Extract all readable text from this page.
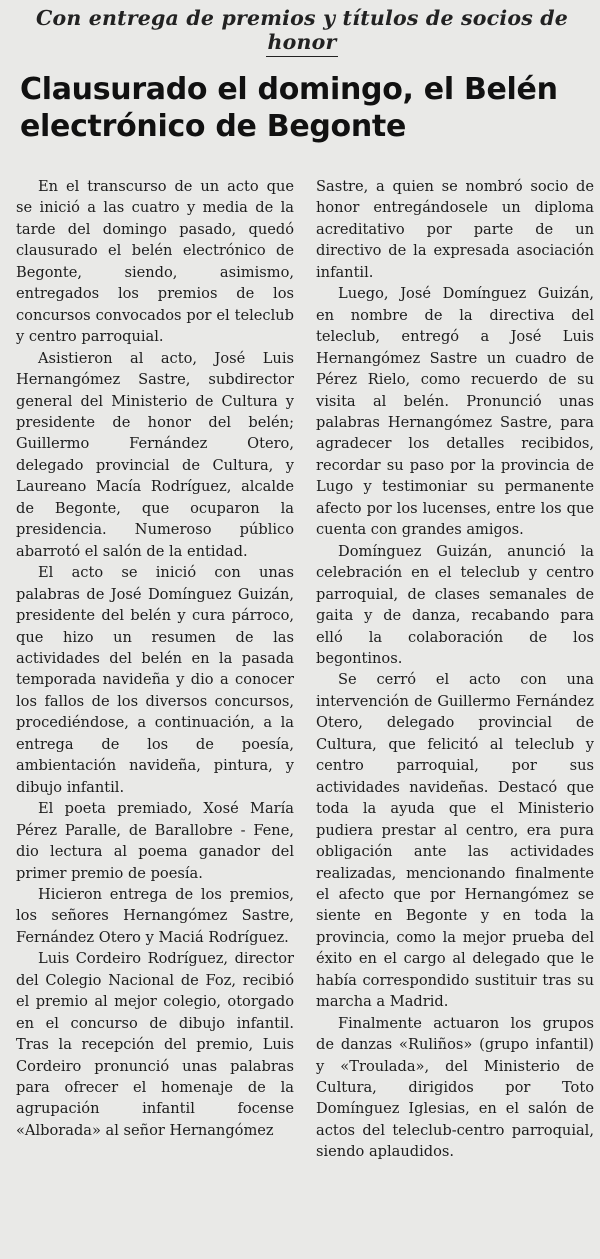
Con entrega de premios y títulos de socios de
honor
Clausurado el domingo, el Belén
electrónico de Begonte

En el transcurso de un acto que se inició a las cuatro y media de la tarde del domingo pasado, quedó clausurado el belén electrónico de Begonte, siendo, asimismo, entregados los premios de los concursos convocados por el teleclub y centro parroquial.

Asistieron al acto, José Luis Hernangómez Sastre, subdirector general del Ministerio de Cultura y presidente de honor del belén; Guillermo Fernández Otero, delegado provincial de Cultura, y Laureano Macía Rodríguez, alcalde de Begonte, que ocuparon la presidencia. Numeroso público abarrotó el salón de la entidad.

El acto se inició con unas palabras de José Domínguez Guizán, presidente del belén y cura párroco, que hizo un resumen de las actividades del belén en la pasada temporada navideña y dio a conocer los fallos de los diversos concursos, procediéndose, a continuación, a la entrega de los de poesía, ambientación navideña, pintura, y dibujo infantil.

El poeta premiado, Xosé María Pérez Paralle, de Barallobre - Fene, dio lectura al poema ganador del primer premio de poesía.

Hicieron entrega de los premios, los señores Hernangómez Sastre, Fernández Otero y Maciá Rodríguez.

Luis Cordeiro Rodríguez, director del Colegio Nacional de Foz, recibió el premio al mejor colegio, otorgado en el concurso de dibujo infantil. Tras la recepción del premio, Luis Cordeiro pronunció unas palabras para ofrecer el homenaje de la agrupación infantil focense «Alborada» al señor Hernangómez

Sastre, a quien se nombró socio de honor entregándosele un diploma acreditativo por parte de un directivo de la expresada asociación infantil.

Luego, José Domínguez Guizán, en nombre de la directiva del teleclub, entregó a José Luis Hernangómez Sastre un cuadro de Pérez Rielo, como recuerdo de su visita al belén. Pronunció unas palabras Hernangómez Sastre, para agradecer los detalles recibidos, recordar su paso por la provincia de Lugo y testimoniar su permanente afecto por los lucenses, entre los que cuenta con grandes amigos.

Domínguez Guizán, anunció la celebración en el teleclub y centro parroquial, de clases semanales de gaita y de danza, recabando para elló la colaboración de los begontinos.

Se cerró el acto con una intervención de Guillermo Fernández Otero, delegado provincial de Cultura, que felicitó al teleclub y centro parroquial, por sus actividades navideñas. Destacó que toda la ayuda que el Ministerio pudiera prestar al centro, era pura obligación ante las actividades realizadas, mencionando finalmente el afecto que por Hernangómez se siente en Begonte y en toda la provincia, como la mejor prueba del éxito en el cargo al delegado que le había correspondido sustituir tras su marcha a Madrid.

Finalmente actuaron los grupos de danzas «Ruliños» (grupo infantil) y «Troulada», del Ministerio de Cultura, dirigidos por Toto Domínguez Iglesias, en el salón de actos del teleclub-centro parroquial, siendo aplaudidos.
